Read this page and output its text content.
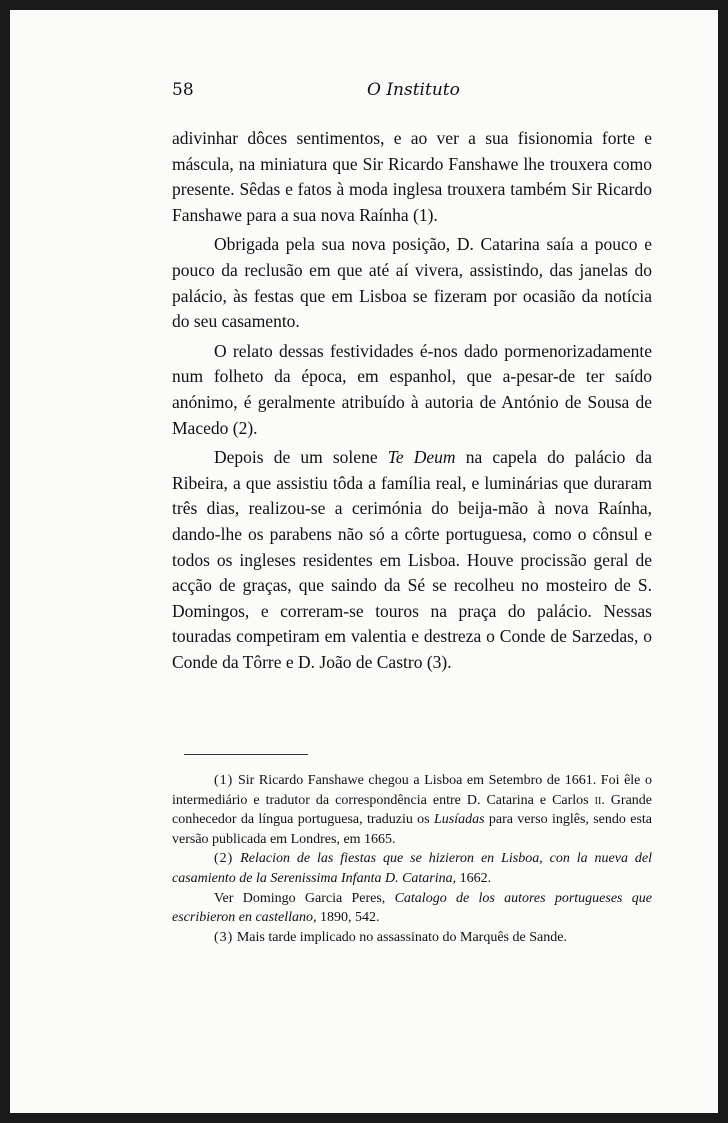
58	O Instituto

adivinhar dôces sentimentos, e ao ver a sua fisionomia forte e máscula, na miniatura que Sir Ricardo Fanshawe lhe trouxera como presente. Sêdas e fatos à moda inglesa trouxera também Sir Ricardo Fanshawe para a sua nova Raínha (1).

Obrigada pela sua nova posição, D. Catarina saía a pouco e pouco da reclusão em que até aí vivera, assistindo, das janelas do palácio, às festas que em Lisboa se fizeram por ocasião da notícia do seu casamento.

O relato dessas festividades é-nos dado pormenorizadamente num folheto da época, em espanhol, que a-pesar-de ter saído anónimo, é geralmente atribuído à autoria de António de Sousa de Macedo (2).

Depois de um solene Te Deum na capela do palácio da Ribeira, a que assistiu tôda a família real, e luminárias que duraram três dias, realizou-se a cerimónia do beija-mão à nova Raínha, dando-lhe os parabens não só a côrte portuguesa, como o cônsul e todos os ingleses residentes em Lisboa. Houve procissão geral de acção de graças, que saindo da Sé se recolheu no mosteiro de S. Domingos, e correram-se touros na praça do palácio. Nessas touradas competiram em valentia e destreza o Conde de Sarzedas, o Conde da Tôrre e D. João de Castro (3).

(1) Sir Ricardo Fanshawe chegou a Lisboa em Setembro de 1661. Foi êle o intermediário e tradutor da correspondência entre D. Catarina e Carlos ii. Grande conhecedor da língua portuguesa, traduziu os Lusíadas para verso inglês, sendo esta versão publicada em Londres, em 1665.

(2) Relacion de las fiestas que se hizieron en Lisboa, con la nueva del casamiento de la Serenissima Infanta D. Catarina, 1662.

Ver Domingo Garcia Peres, Catalogo de los autores portugueses que escribieron en castellano, 1890, 542.

(3) Mais tarde implicado no assassinato do Marquês de Sande.
